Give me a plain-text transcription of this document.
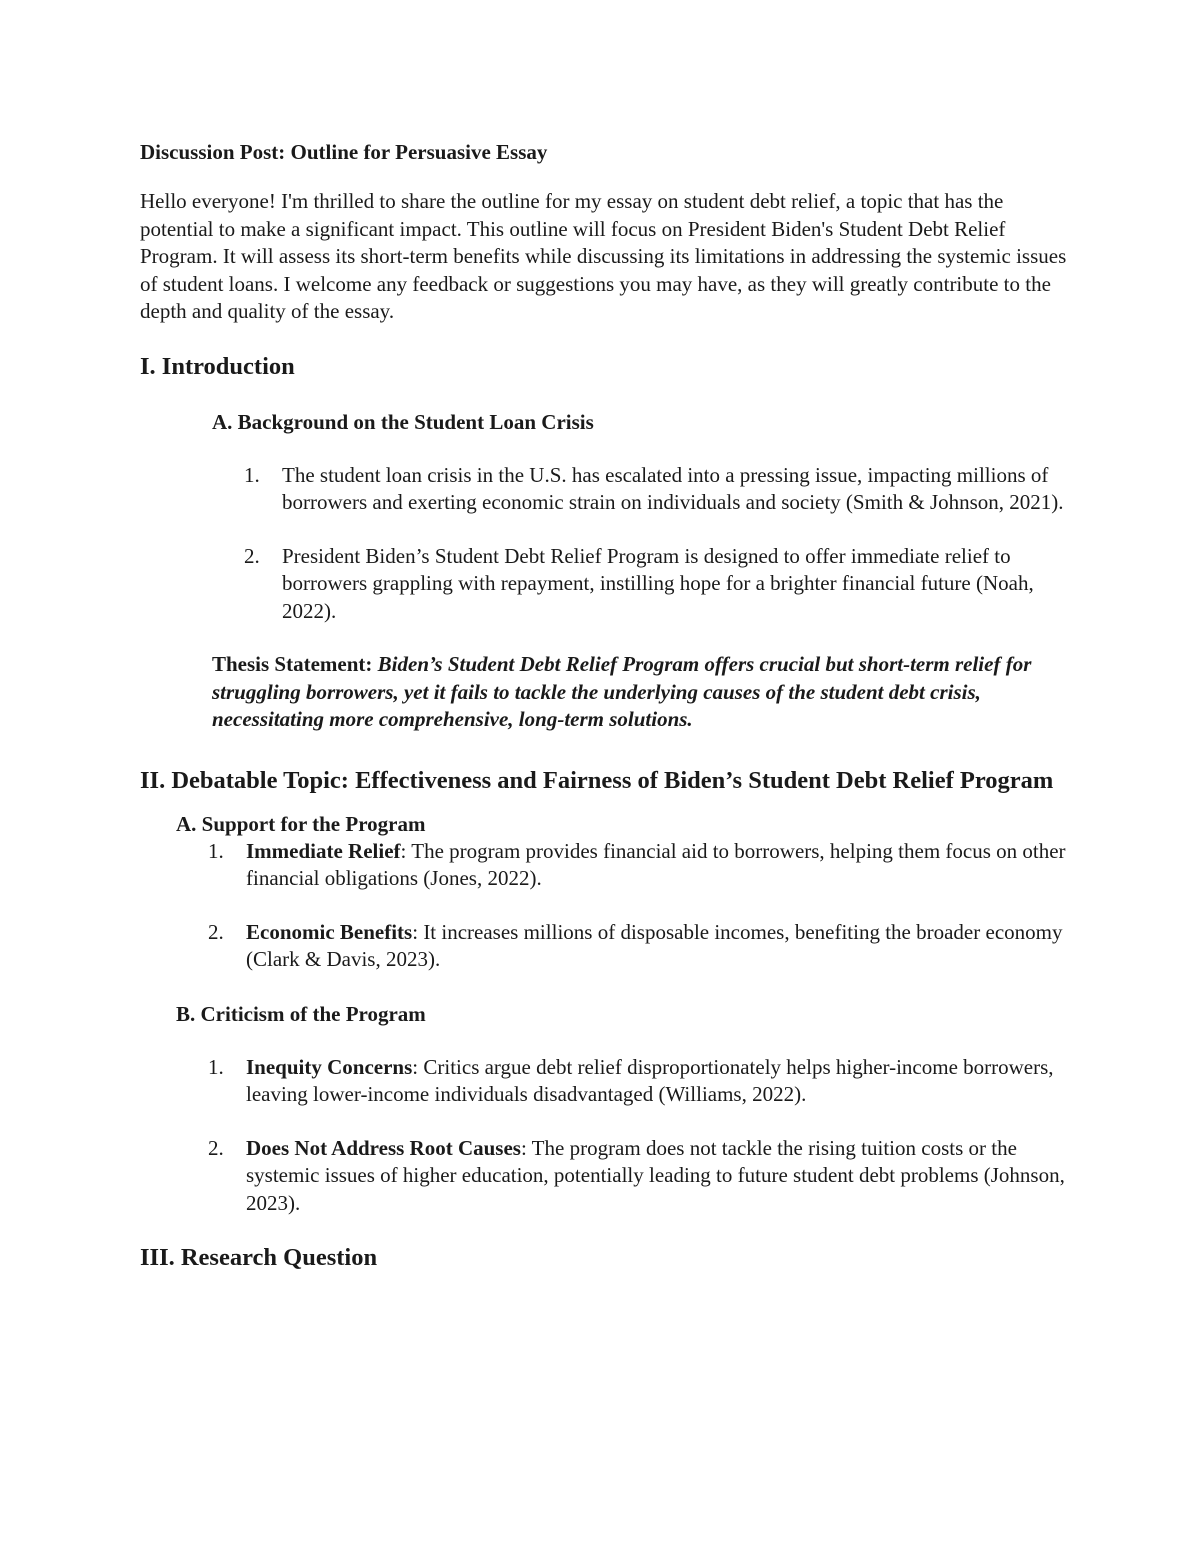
Discussion Post: Outline for Persuasive Essay

Hello everyone! I'm thrilled to share the outline for my essay on student debt relief, a topic that has the potential to make a significant impact. This outline will focus on President Biden's Student Debt Relief Program. It will assess its short-term benefits while discussing its limitations in addressing the systemic issues of student loans. I welcome any feedback or suggestions you may have, as they will greatly contribute to the depth and quality of the essay.

I. Introduction

A. Background on the Student Loan Crisis

1. The student loan crisis in the U.S. has escalated into a pressing issue, impacting millions of borrowers and exerting economic strain on individuals and society (Smith & Johnson, 2021).
2. President Biden’s Student Debt Relief Program is designed to offer immediate relief to borrowers grappling with repayment, instilling hope for a brighter financial future (Noah, 2022).

Thesis Statement: Biden’s Student Debt Relief Program offers crucial but short-term relief for struggling borrowers, yet it fails to tackle the underlying causes of the student debt crisis, necessitating more comprehensive, long-term solutions.

II. Debatable Topic: Effectiveness and Fairness of Biden’s Student Debt Relief Program

A. Support for the Program

1. Immediate Relief: The program provides financial aid to borrowers, helping them focus on other financial obligations (Jones, 2022).
2. Economic Benefits: It increases millions of disposable incomes, benefiting the broader economy (Clark & Davis, 2023).

B. Criticism of the Program

1. Inequity Concerns: Critics argue debt relief disproportionately helps higher-income borrowers, leaving lower-income individuals disadvantaged (Williams, 2022).
2. Does Not Address Root Causes: The program does not tackle the rising tuition costs or the systemic issues of higher education, potentially leading to future student debt problems (Johnson, 2023).

III. Research Question
